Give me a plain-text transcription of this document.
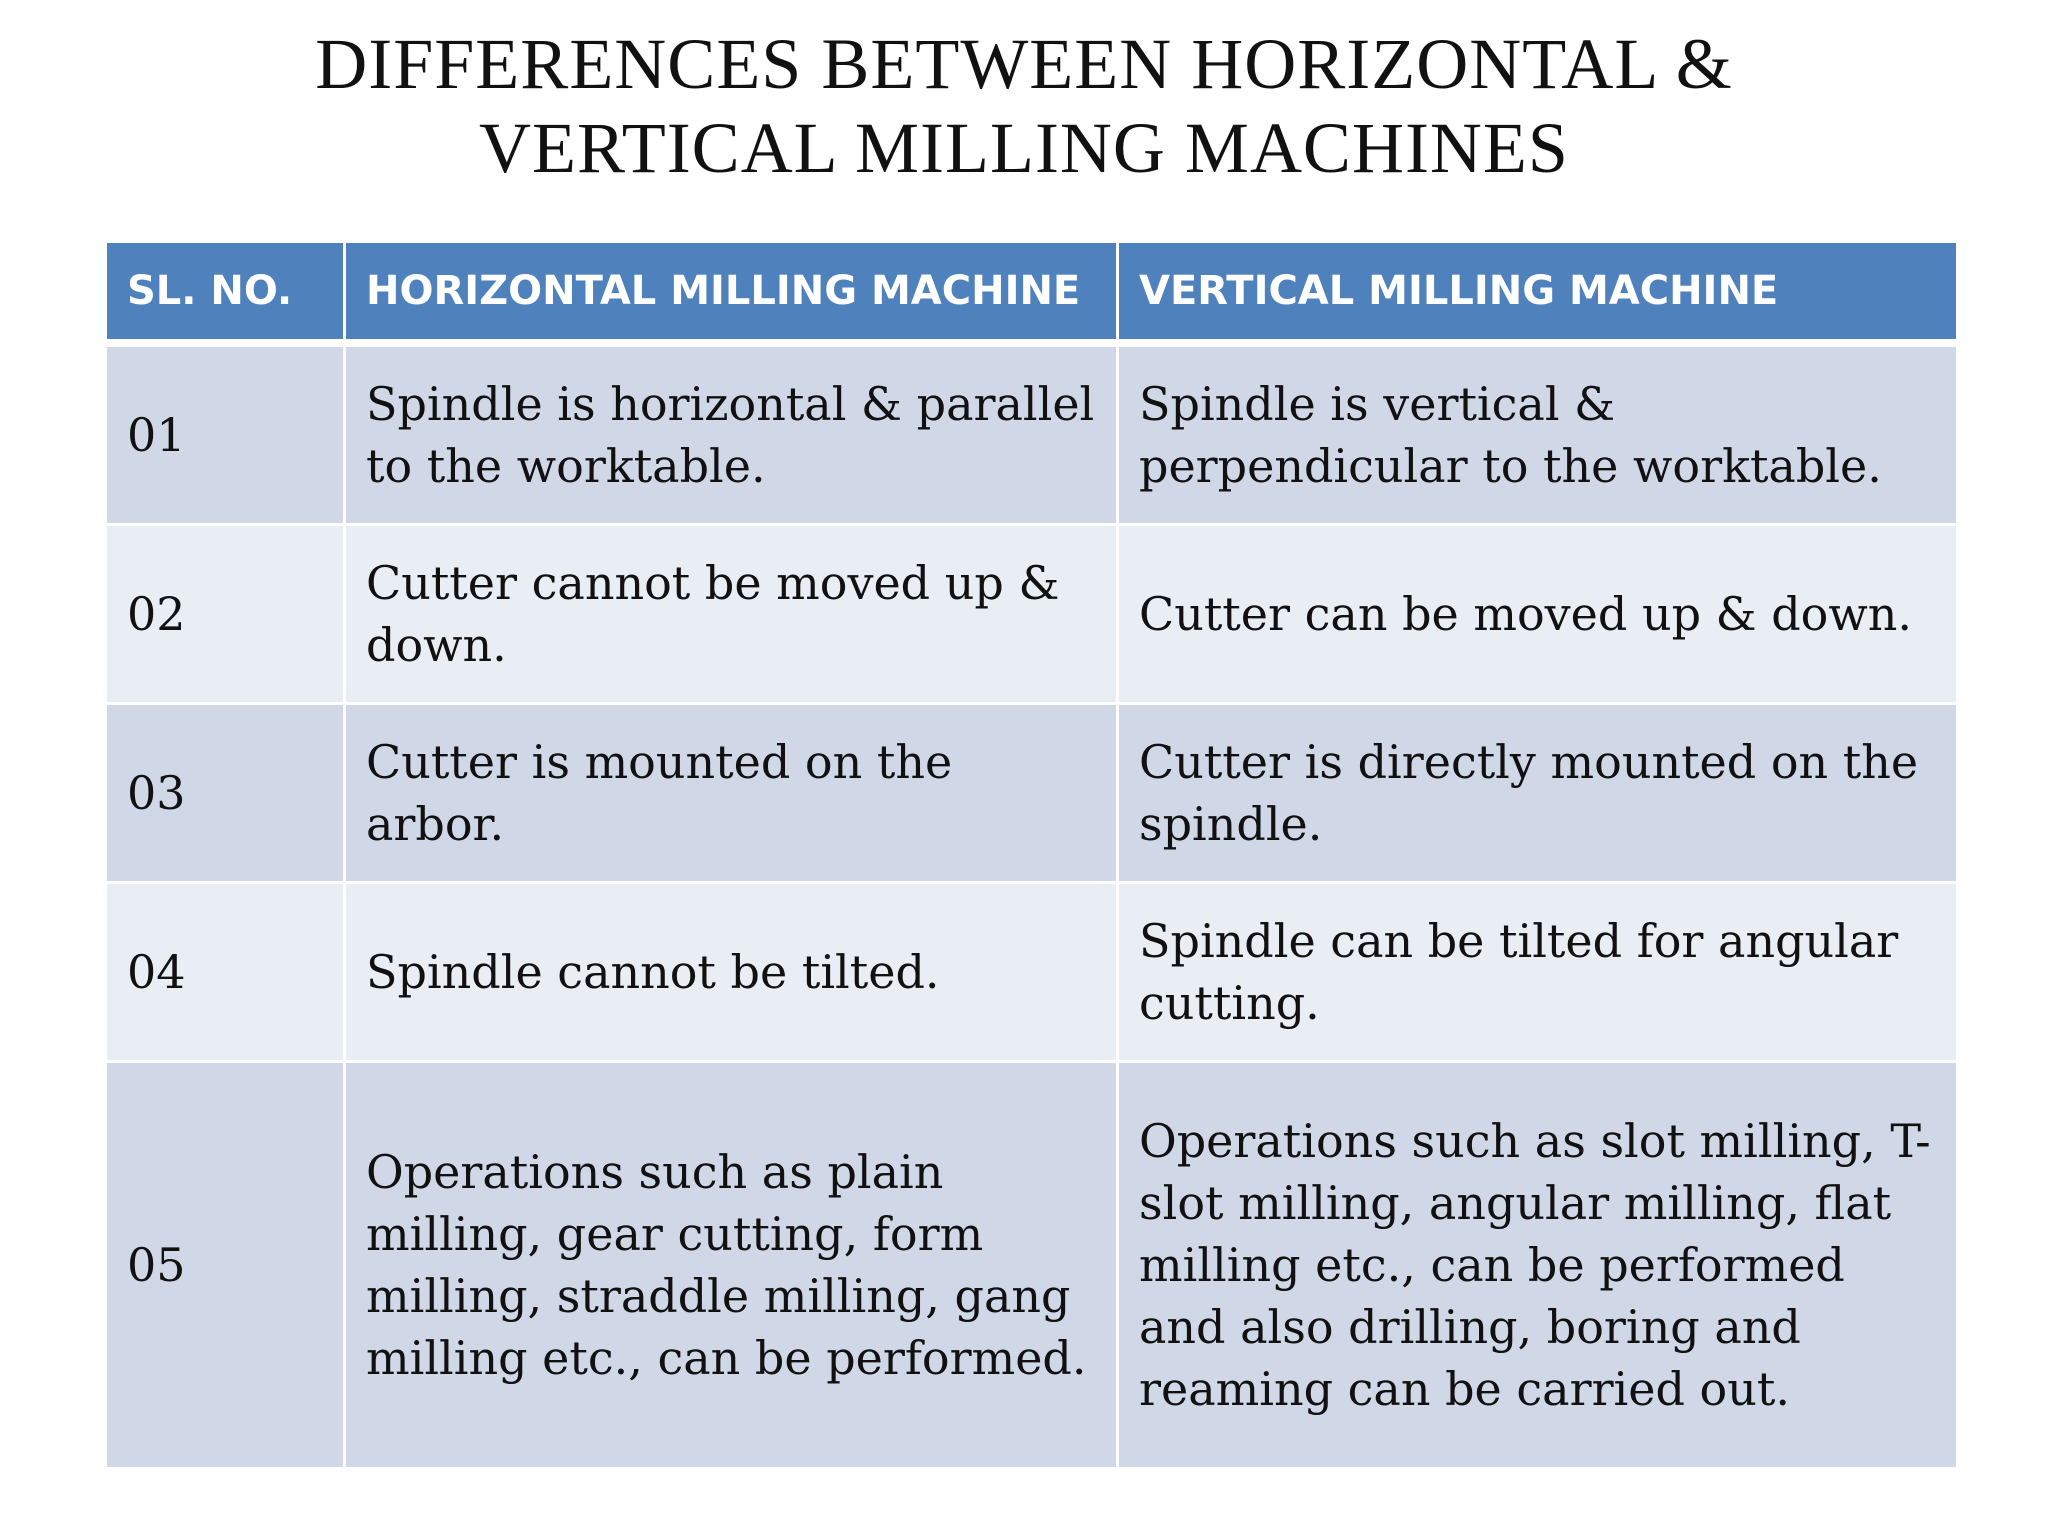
DIFFERENCES BETWEEN HORIZONTAL &
VERTICAL MILLING MACHINES
SL. NO.	HORIZONTAL MILLING MACHINE	VERTICAL MILLING MACHINE
01	Spindle is horizontal & parallel to the worktable.	Spindle is vertical & perpendicular to the worktable.
02	Cutter cannot be moved up & down.	Cutter can be moved up & down.
03	Cutter is mounted on the arbor.	Cutter is directly mounted on the spindle.
04	Spindle cannot be tilted.	Spindle can be tilted for angular cutting.
05	Operations such as plain milling, gear cutting, form milling, straddle milling, gang milling etc., can be performed.	Operations such as slot milling, T-slot milling, angular milling, flat milling etc., can be performed and also drilling, boring and reaming can be carried out.
